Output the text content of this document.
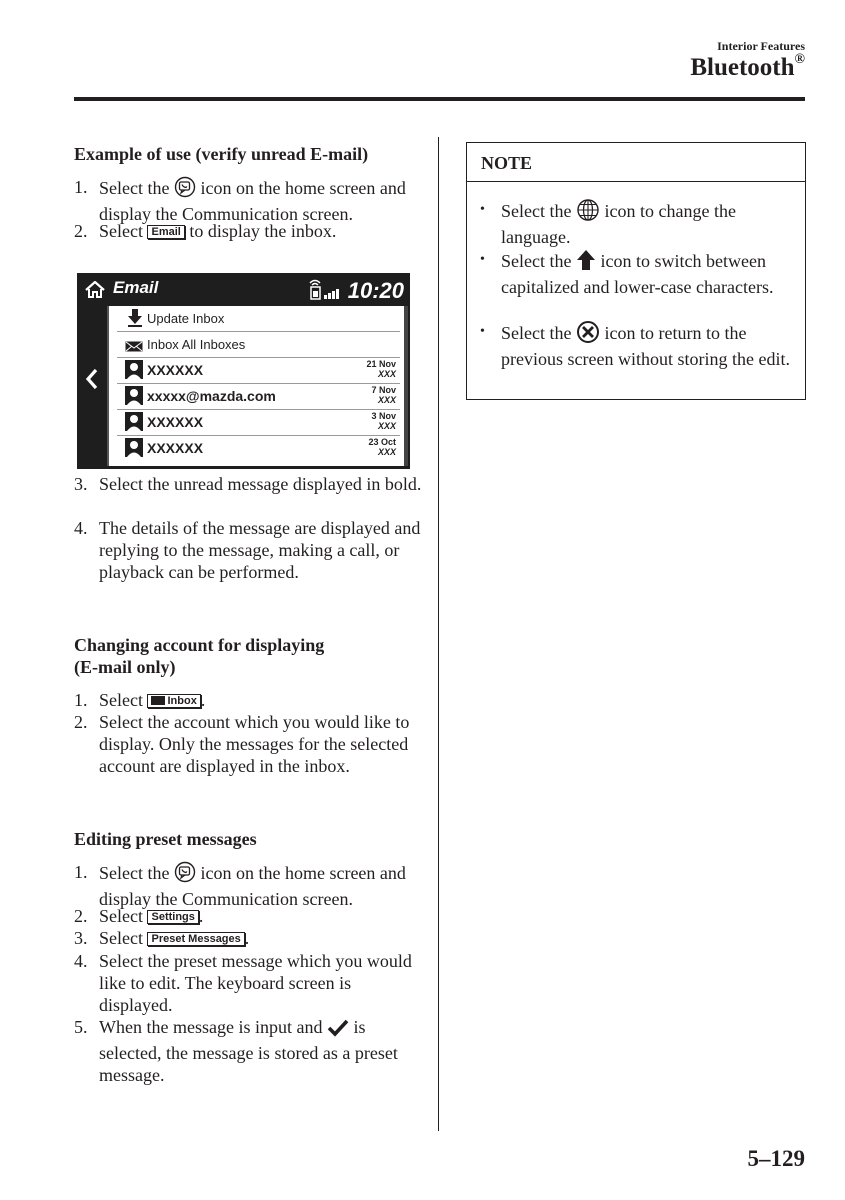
Interior Features
Bluetooth®
Example of use (verify unread E-mail)
1. Select the  icon on the home screen and display the Communication screen.
2. Select Email to display the inbox.
Email	10:20
Update Inbox
Inbox All Inboxes
XXXXXX	21 Nov
XXX
xxxxx@mazda.com	7 Nov
XXX
XXXXXX	3 Nov
XXX
XXXXXX	23 Oct
XXX
3. Select the unread message displayed in bold.
4. The details of the message are displayed and replying to the message, making a call, or playback can be performed.
Changing account for displaying
(E-mail only)
1. Select Inbox .
2. Select the account which you would like to display. Only the messages for the selected account are displayed in the inbox.
Editing preset messages
1. Select the  icon on the home screen and display the Communication screen.
2. Select Settings .
3. Select Preset Messages .
4. Select the preset message which you would like to edit. The keyboard screen is displayed.
5. When the message is input and  is selected, the message is stored as a preset message.
NOTE
• Select the  icon to change the language.
• Select the  icon to switch between capitalized and lower-case characters.
• Select the  icon to return to the previous screen without storing the edit.
5–129
